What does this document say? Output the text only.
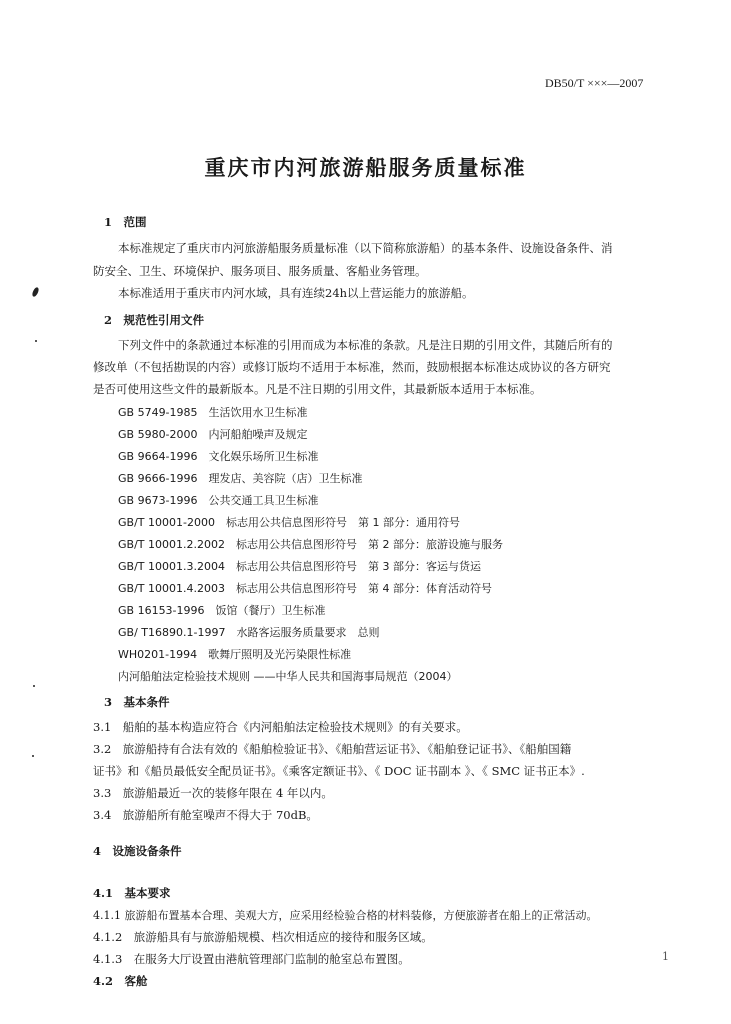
DB50/T ×××—2007
重庆市内河旅游船服务质量标准
1　范围
本标准规定了重庆市内河旅游船服务质量标准（以下简称旅游船）的基本条件、设施设备条件、消
防安全、卫生、环境保护、服务项目、服务质量、客船业务管理。
本标准适用于重庆市内河水域，具有连续24h以上营运能力的旅游船。
2　规范性引用文件
下列文件中的条款通过本标准的引用而成为本标准的条款。凡是注日期的引用文件，其随后所有的
修改单（不包括勘误的内容）或修订版均不适用于本标准，然而，鼓励根据本标准达成协议的各方研究
是否可使用这些文件的最新版本。凡是不注日期的引用文件，其最新版本适用于本标准。
GB 5749-1985　生活饮用水卫生标准
GB 5980-2000　内河船舶噪声及规定
GB 9664-1996　文化娱乐场所卫生标准
GB 9666-1996　理发店、美容院（店）卫生标准
GB 9673-1996　公共交通工具卫生标准
GB/T 10001-2000　标志用公共信息图形符号　第 1 部分：通用符号
GB/T 10001.2.2002　标志用公共信息图形符号　第 2 部分：旅游设施与服务
GB/T 10001.3.2004　标志用公共信息图形符号　第 3 部分：客运与货运
GB/T 10001.4.2003　标志用公共信息图形符号　第 4 部分：体育活动符号
GB 16153-1996　饭馆（餐厅）卫生标准
GB/ T16890.1-1997　水路客运服务质量要求　总则
WH0201-1994　歌舞厅照明及光污染限性标准
内河船舶法定检验技术规则 ——中华人民共和国海事局规范（2004）
3　基本条件
3.1　船舶的基本构造应符合《内河船舶法定检验技术规则》的有关要求。
3.2　旅游船持有合法有效的《船舶检验证书》、《船舶营运证书》、《船舶登记证书》、《船舶国籍
证书》和《船员最低安全配员证书》。《乘客定额证书》、《 DOC 证书副本 》、《 SMC 证书正本》.
3.3　旅游船最近一次的装修年限在 4 年以内。
3.4　旅游船所有舱室噪声不得大于 70dB。
4　设施设备条件
4.1　基本要求
4.1.1 旅游船布置基本合理、美观大方，应采用经检验合格的材料装修，方便旅游者在船上的正常活动。
4.1.2　旅游船具有与旅游船规模、档次相适应的接待和服务区域。
4.1.3　在服务大厅设置由港航管理部门监制的舱室总布置图。
4.2　客舱
1
